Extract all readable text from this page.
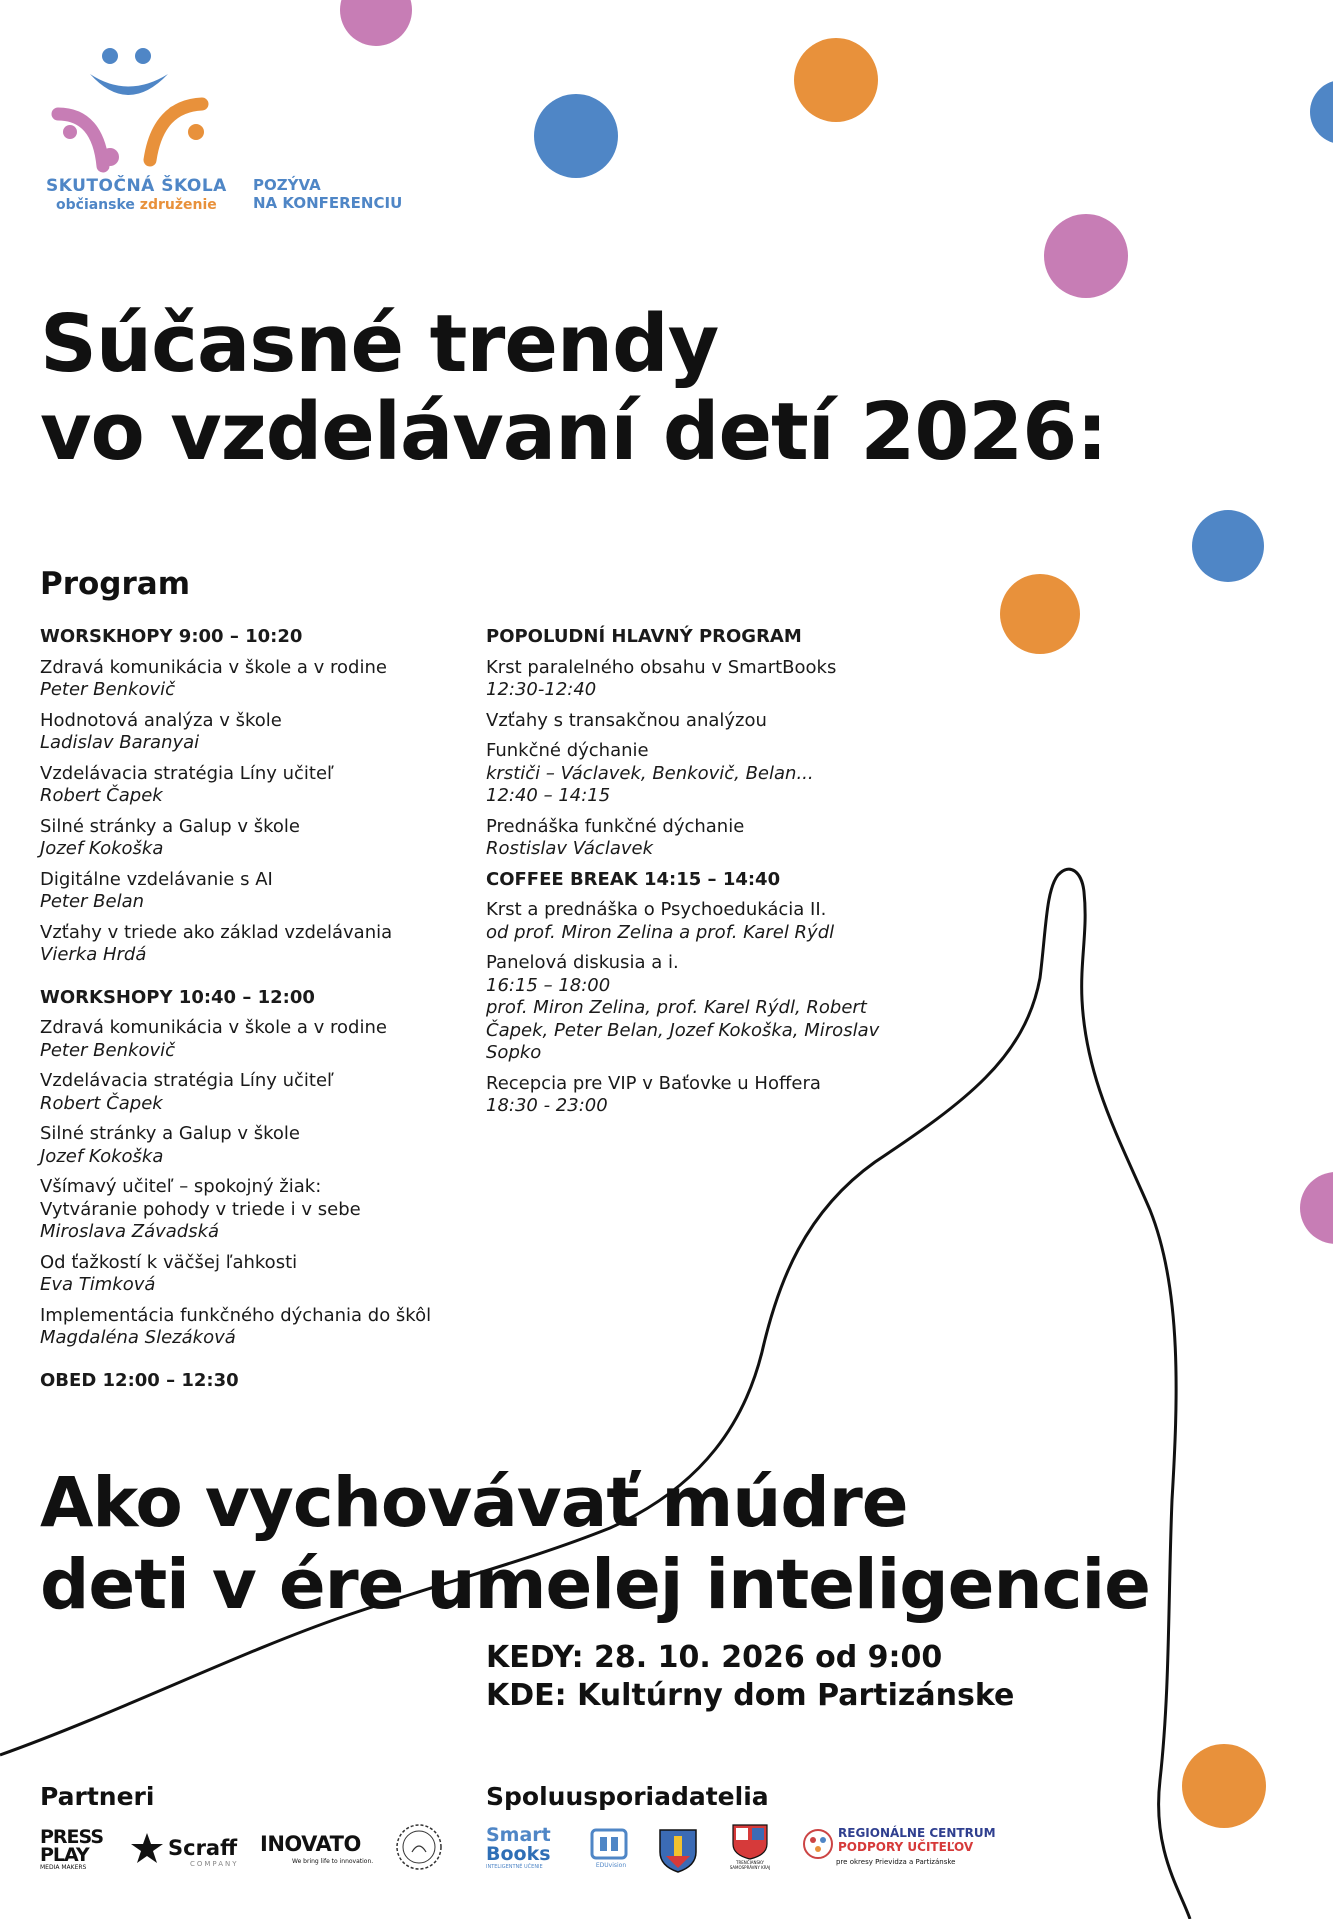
SKUTOČNÁ ŠKOLA
občianske združenie
POZÝVA
NA KONFERENCIU
Súčasné trendy
vo vzdelávaní detí 2026:
Program
WORSKHOPY 9:00 – 10:20
Zdravá komunikácia v škole a v rodine
Peter Benkovič
Hodnotová analýza v škole
Ladislav Baranyai
Vzdelávacia stratégia Líny učiteľ
Robert Čapek
Silné stránky a Galup v škole
Jozef Kokoška
Digitálne vzdelávanie s AI
Peter Belan
Vzťahy v triede ako základ vzdelávania
Vierka Hrdá
WORKSHOPY 10:40 – 12:00
Zdravá komunikácia v škole a v rodine
Peter Benkovič
Vzdelávacia stratégia Líny učiteľ
Robert Čapek
Silné stránky a Galup v škole
Jozef Kokoška
Všímavý učiteľ – spokojný žiak:
Vytváranie pohody v triede i v sebe
Miroslava Závadská
Od ťažkostí k väčšej ľahkosti
Eva Timková
Implementácia funkčného dýchania do škôl
Magdaléna Slezáková
OBED 12:00 – 12:30
POPOLUDNÍ HLAVNÝ PROGRAM
Krst paralelného obsahu v SmartBooks
12:30-12:40
Vzťahy s transakčnou analýzou
Funkčné dýchanie
krstiči – Václavek, Benkovič, Belan...
12:40 – 14:15
Prednáška funkčné dýchanie
Rostislav Václavek
COFFEE BREAK 14:15 – 14:40
Krst a prednáška o Psychoedukácia II.
od prof. Miron Zelina a prof. Karel Rýdl
Panelová diskusia a i.
16:15 – 18:00
prof. Miron Zelina, prof. Karel Rýdl, Robert
Čapek, Peter Belan, Jozef Kokoška, Miroslav
Sopko
Recepcia pre VIP v Baťovke u Hoffera
18:30 - 23:00
Ako vychovávať múdre
deti v ére umelej inteligencie
KEDY: 28. 10. 2026 od 9:00
KDE: Kultúrny dom Partizánske
Partneri
PRESS
PLAY
MEDIA MAKERS
Scraff
COMPANY
INOVATO
We bring life to innovation.
Spoluusporiadatelia
Smart
Books
INTELIGENTNÉ UČENIE	EDUvision	TRENČIANSKY SAMOSPRÁVNY KRAJ
REGIONÁLNE CENTRUM
PODPORY UČITEĽOV
pre okresy Prievidza a Partizánske
